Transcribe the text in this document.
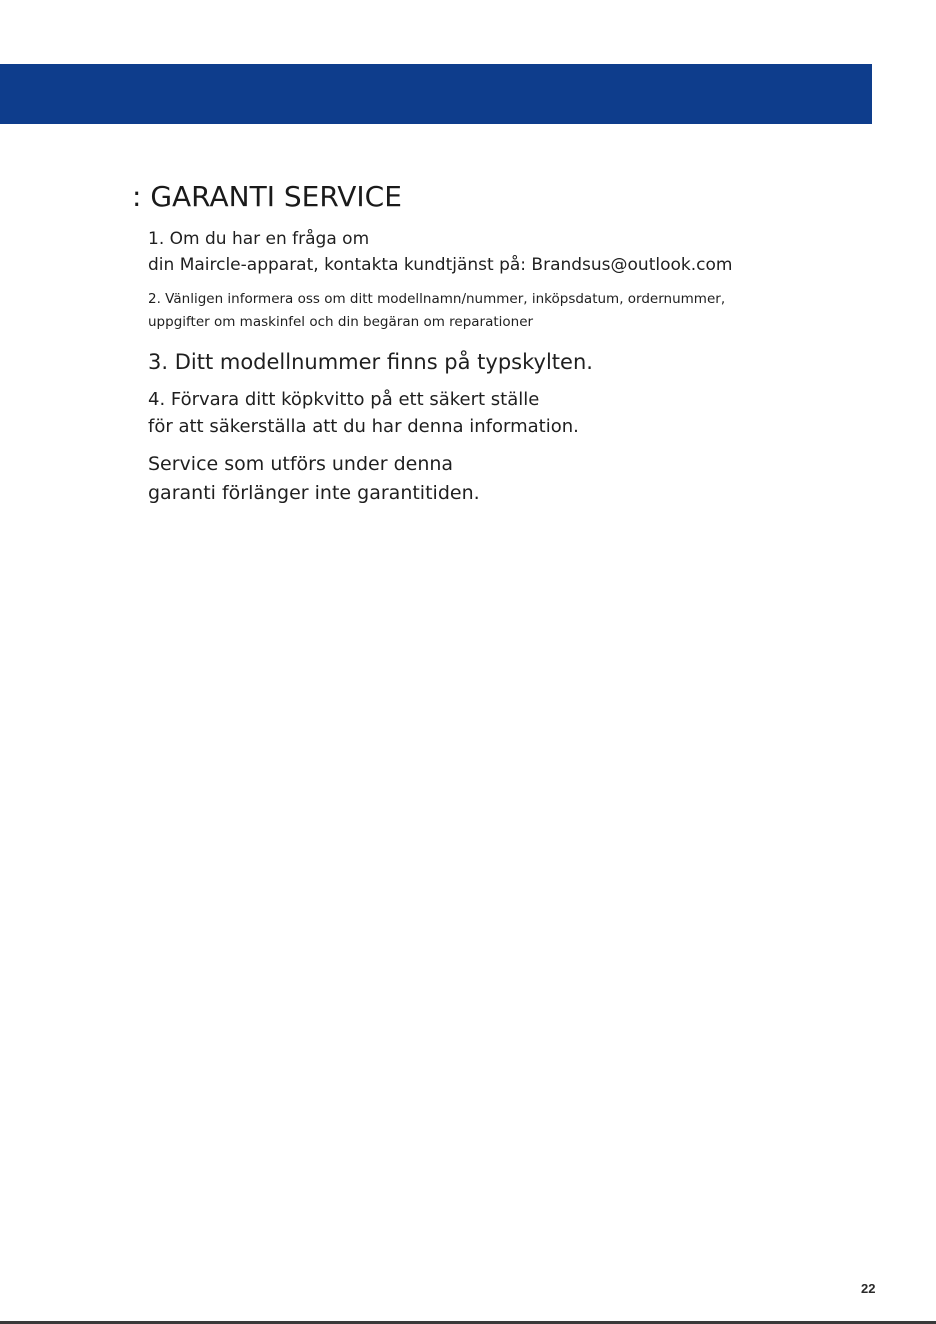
: GARANTI SERVICE
1. Om du har en fråga om
din Maircle-apparat, kontakta kundtjänst på: Brandsus@outlook.com
2. Vänligen informera oss om ditt modellnamn/nummer, inköpsdatum, ordernummer,
uppgifter om maskinfel och din begäran om reparationer
3. Ditt modellnummer finns på typskylten.
4. Förvara ditt köpkvitto på ett säkert ställe
för att säkerställa att du har denna information.
Service som utförs under denna
garanti förlänger inte garantitiden.
22
